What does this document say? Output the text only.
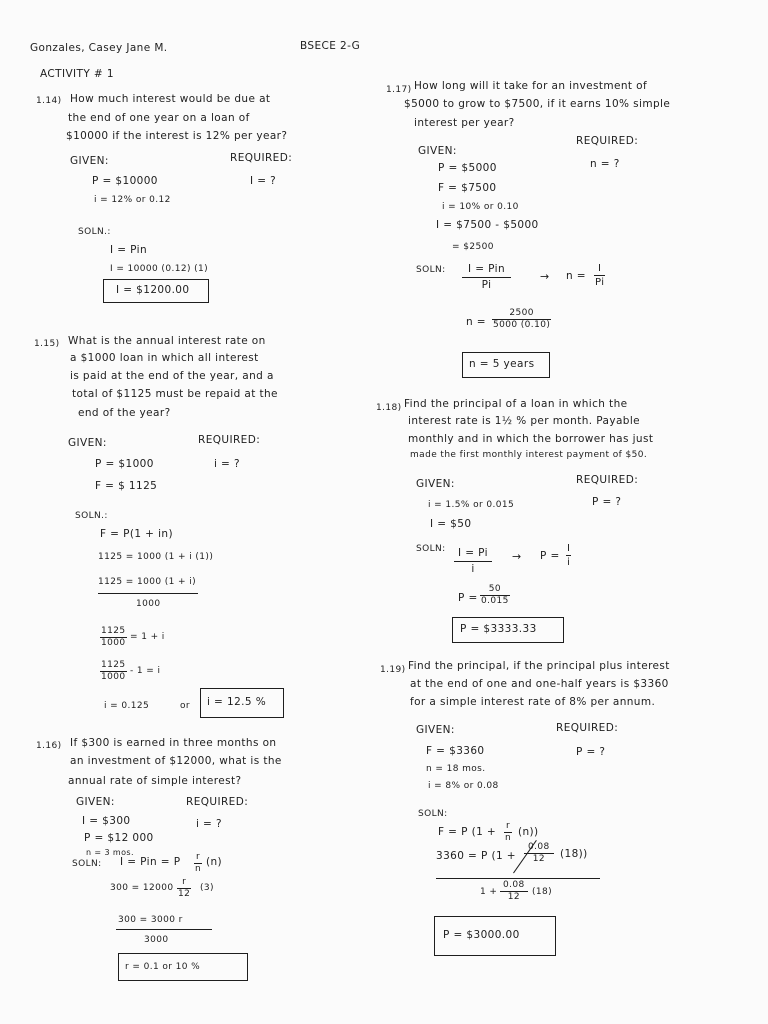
Gonzales, Casey Jane M.	BSECE 2-G
ACTIVITY # 1
1.14) How much interest would be due at
the end of one year on a loan of
$10000 if the interest is 12% per year?
GIVEN:	REQUIRED:
P = $10000	I = ?
i = 12% or 0.12
SOLN.:
I = Pin
I = 10000 (0.12) (1)
I = $1200.00
1.15) What is the annual interest rate on
a $1000 loan in which all interest
is paid at the end of the year, and a
total of $1125 must be repaid at the
end of the year?
GIVEN:	REQUIRED:
P = $1000	i = ?
F = $ 1125
SOLN.:
F = P(1 + in)
1125 = 1000 (1 + i (1))
1125 = 1000 (1 + i)
1000
$\frac{1125}{1000} = 1 + i$
$\frac{1125}{1000} - 1 = i$
i = 0.125	or i = 12.5 %
1.16) If $300 is earned in three months on
an investment of $12000, what is the
annual rate of simple interest?
GIVEN:	REQUIRED:
I = $300	i = ?
P = $12 000
n = 3 mos.
SOLN: I = Pin = P $\frac{r}{n} (n)$
$300 = 12000 \frac{r}{12} (3)$
300 = 3000 r
3000
r = 0.1 or 10 %
1.17) How long will it take for an investment of
$5000 to grow to $7500, if it earns 10% simple
interest per year?
GIVEN:
REQUIRED:
n = ?
P = $5000
F = $7500
i = 10% or 0.10
I = $7500 - $5000
= $2500
SOLN:	I = Pin
Pi
→ $n = \frac{I}{Pi}$
$n = \frac{2500}{5000 (0.10)}$
n = 5 years
1.18) Find the principal of a loan in which the
interest rate is 1½ % per month. Payable
monthly and in which the borrower has just
made the first monthly interest payment of $50.
GIVEN:	REQUIRED:
P = ?
i = 1.5% or 0.015
I = $50
SOLN: $\frac{I = Pi}{i} \to P = \frac{I}{i}$
$P = \frac{50}{0.015}$
P = $3333.33
1.19) Find the principal, if the principal plus interest
at the end of one and one-half years is $3360
for a simple interest rate of 8% per annum.
GIVEN:	REQUIRED:
P = ?
F = $3360
n = 18 mos.
i = 8% or 0.08
SOLN:
F = P $(1 + \frac{r}{n} (n))$
3360 = P $(1 + \frac{0.08}{12} (18))$
$1 + \frac{0.08}{12} (18)$
P = $3000.00
